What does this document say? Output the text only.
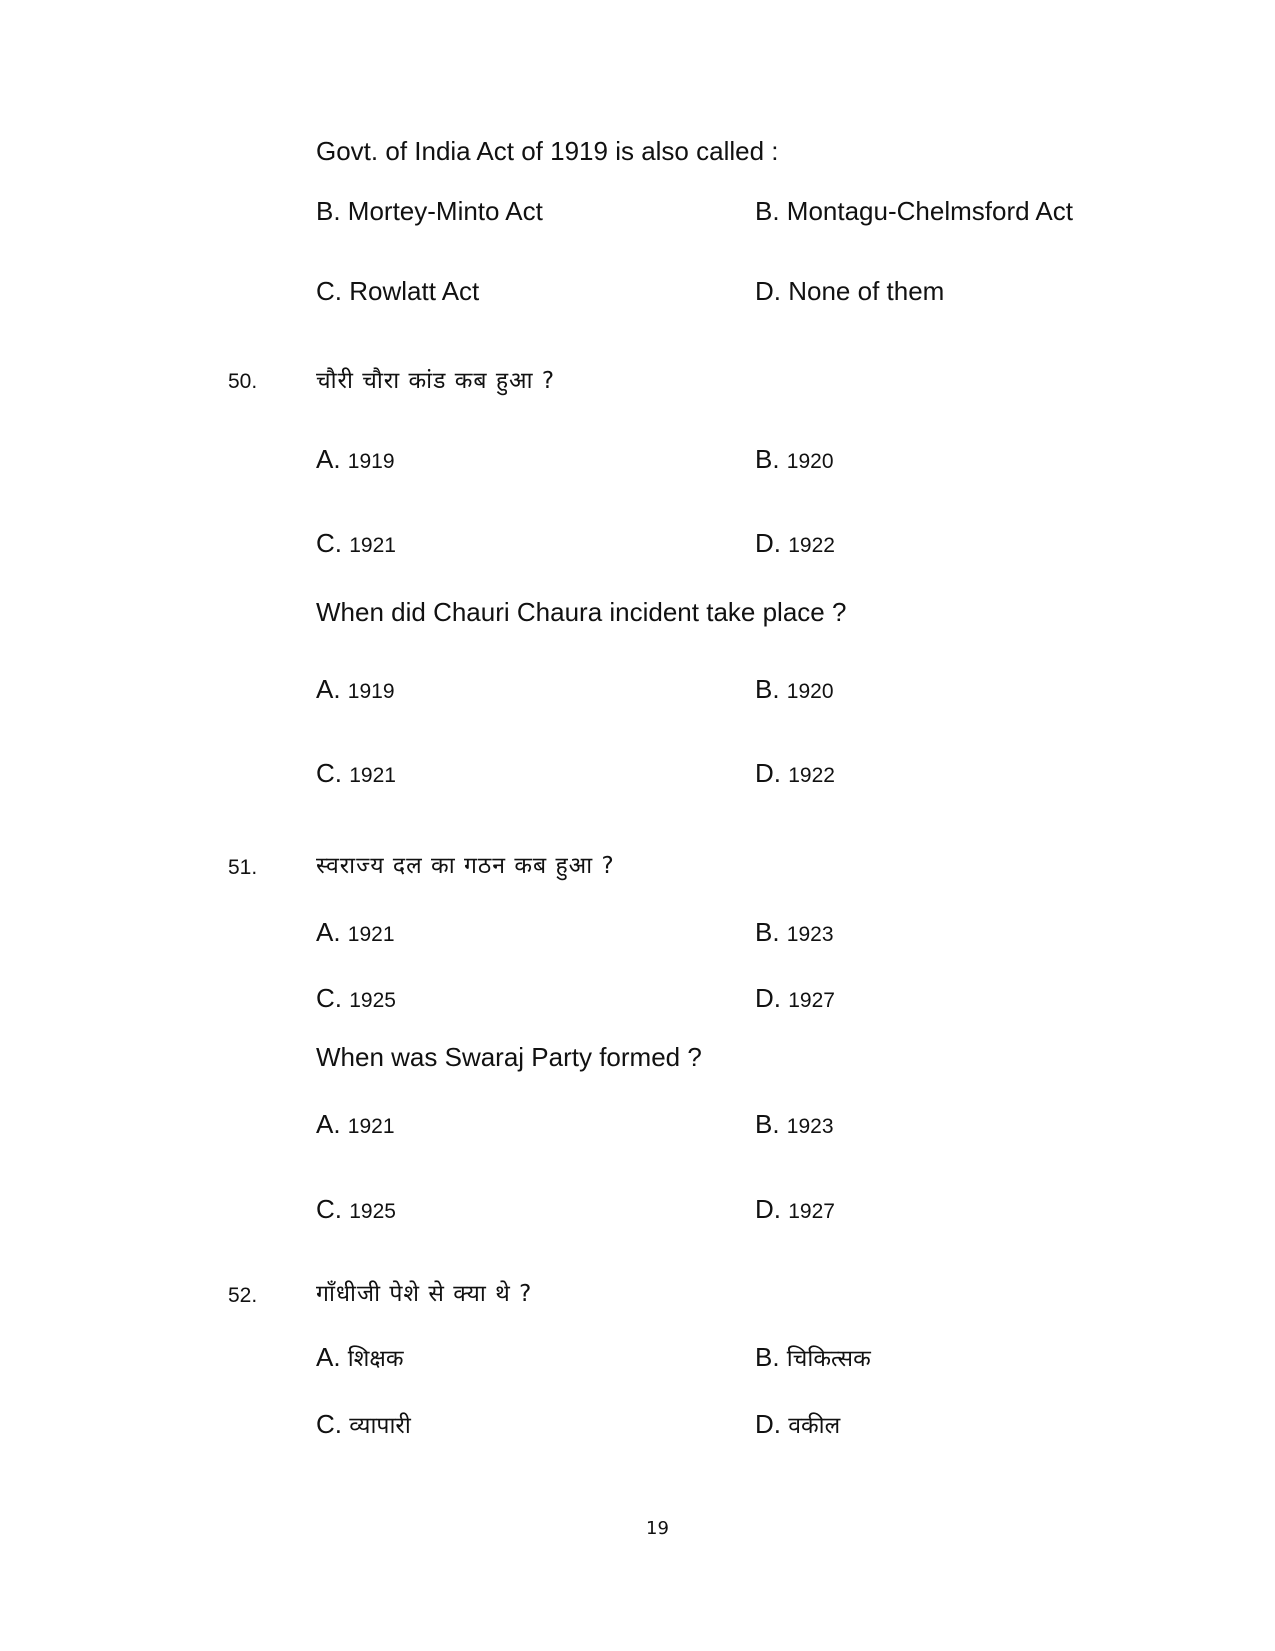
Govt. of India Act of 1919 is also called :
B. Mortey-Minto Act	B. Montagu-Chelmsford Act
C. Rowlatt Act	D. None of them
50.	चौरी चौरा कांड कब हुआ ?
A. 1919	B. 1920
C. 1921	D. 1922
When did Chauri Chaura incident take place ?
A. 1919	B. 1920
C. 1921	D. 1922
51.	स्वराज्य दल का गठन कब हुआ ?
A. 1921	B. 1923
C. 1925	D. 1927
When was Swaraj Party formed ?
A. 1921	B. 1923
C. 1925	D. 1927
52.	गाँधीजी पेशे से क्या थे ?
A. शिक्षक	B. चिकित्सक
C. व्यापारी	D. वकील
19
